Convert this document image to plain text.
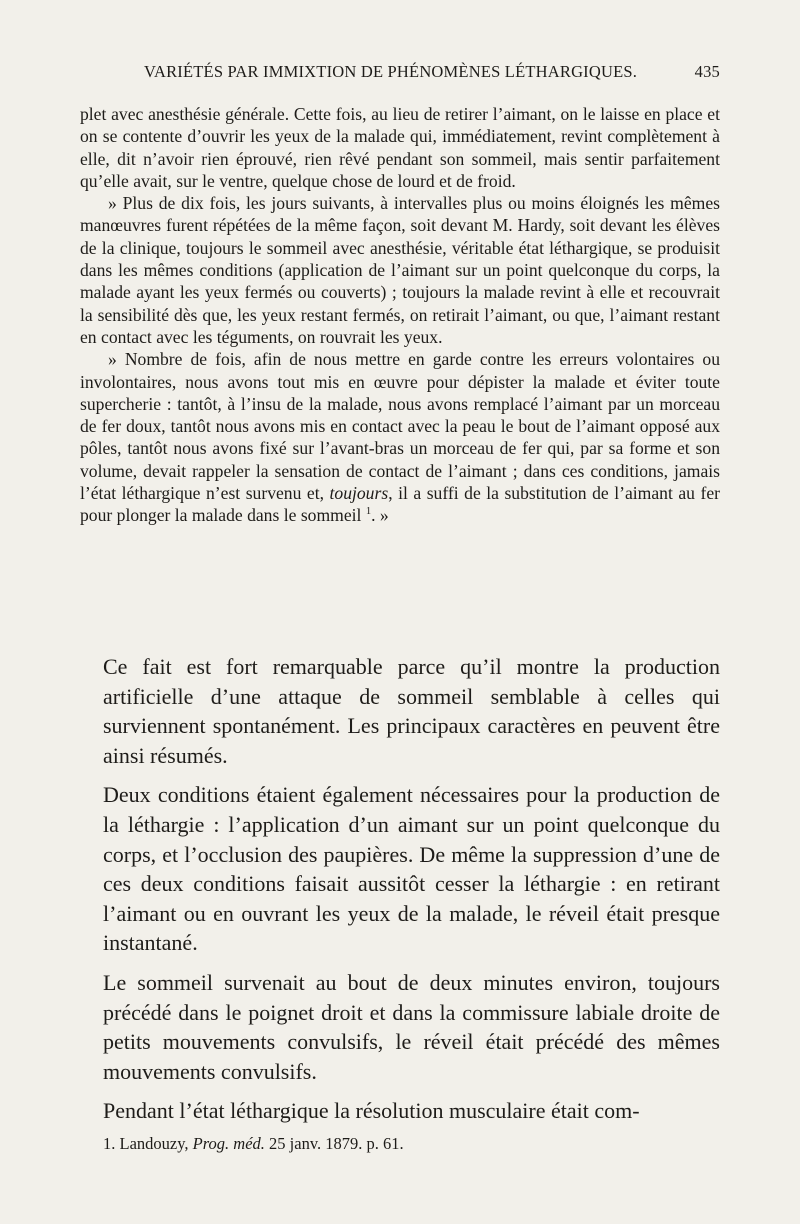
VARIÉTÉS PAR IMMIXTION DE PHÉNOMÈNES LÉTHARGIQUES.	435

plet avec anesthésie générale. Cette fois, au lieu de retirer l’aimant, on le laisse en place et on se contente d’ouvrir les yeux de la malade qui, immédiatement, revint complètement à elle, dit n’avoir rien éprouvé, rien rêvé pendant son sommeil, mais sentir parfaitement qu’elle avait, sur le ventre, quelque chose de lourd et de froid.

» Plus de dix fois, les jours suivants, à intervalles plus ou moins éloignés les mêmes manœuvres furent répétées de la même façon, soit devant M. Hardy, soit devant les élèves de la clinique, toujours le sommeil avec anesthésie, véritable état léthargique, se produisit dans les mêmes conditions (application de l’aimant sur un point quelconque du corps, la malade ayant les yeux fermés ou couverts) ; toujours la malade revint à elle et recouvrait la sensibilité dès que, les yeux restant fermés, on retirait l’aimant, ou que, l’aimant restant en contact avec les téguments, on rouvrait les yeux.

» Nombre de fois, afin de nous mettre en garde contre les erreurs volontaires ou involontaires, nous avons tout mis en œuvre pour dépister la malade et éviter toute supercherie : tantôt, à l’insu de la malade, nous avons remplacé l’aimant par un morceau de fer doux, tantôt nous avons mis en contact avec la peau le bout de l’aimant opposé aux pôles, tantôt nous avons fixé sur l’avant-bras un morceau de fer qui, par sa forme et son volume, devait rappeler la sensation de contact de l’aimant ; dans ces conditions, jamais l’état léthargique n’est survenu et, toujours, il a suffi de la substitution de l’aimant au fer pour plonger la malade dans le sommeil $^1$. »

Ce fait est fort remarquable parce qu’il montre la production artificielle d’une attaque de sommeil semblable à celles qui surviennent spontanément. Les principaux caractères en peuvent être ainsi résumés.

Deux conditions étaient également nécessaires pour la production de la léthargie : l’application d’un aimant sur un point quelconque du corps, et l’occlusion des paupières. De même la suppression d’une de ces deux conditions faisait aussitôt cesser la léthargie : en retirant l’aimant ou en ouvrant les yeux de la malade, le réveil était presque instantané.

Le sommeil survenait au bout de deux minutes environ, toujours précédé dans le poignet droit et dans la commissure labiale droite de petits mouvements convulsifs, le réveil était précédé des mêmes mouvements convulsifs.

Pendant l’état léthargique la résolution musculaire était com-

1. Landouzy, Prog. méd. 25 janv. 1879. p. 61.
